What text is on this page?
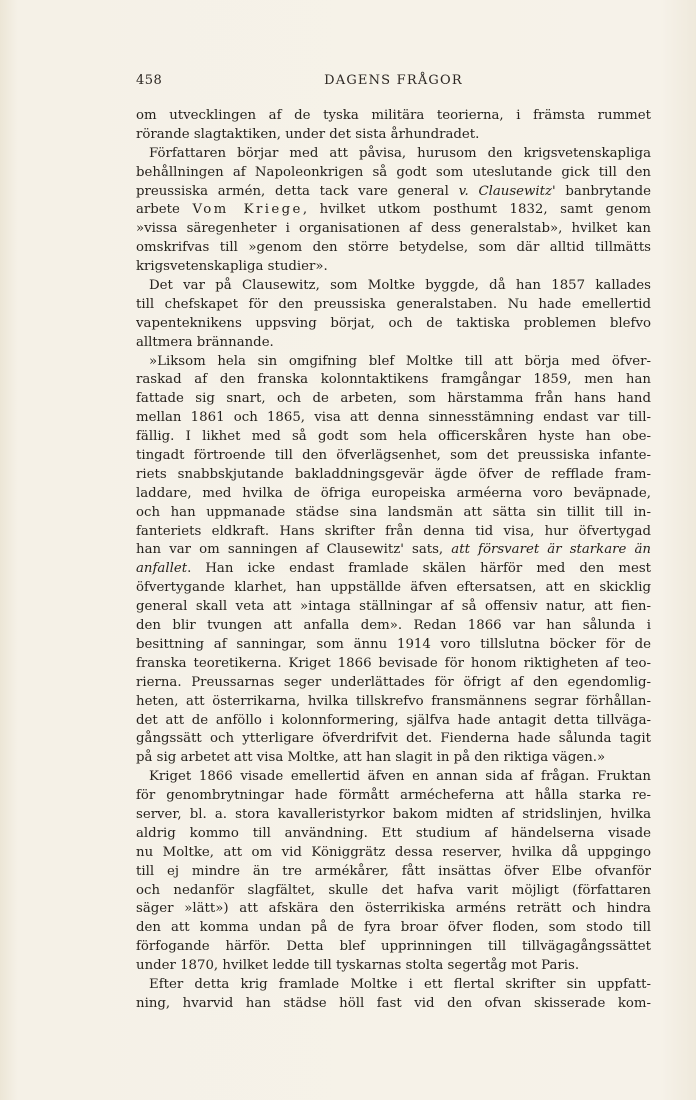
458	DAGENS FRÅGOR
om utvecklingen af de tyska militära teorierna, i främsta rummet
rörande slagtaktiken, under det sista århundradet.
Författaren börjar med att påvisa, hurusom den krigsvetenskapliga
behållningen af Napoleonkrigen så godt som uteslutande gick till den
preussiska armén, detta tack vare general v. Clausewitz' banbrytande
arbete Vom Kriege, hvilket utkom posthumt 1832, samt genom
»vissa säregenheter i organisationen af dess generalstab», hvilket kan
omskrifvas till »genom den större betydelse, som där alltid tillmätts
krigsvetenskapliga studier».
Det var på Clausewitz, som Moltke byggde, då han 1857 kallades
till chefskapet för den preussiska generalstaben. Nu hade emellertid
vapenteknikens uppsving börjat, och de taktiska problemen blefvo
alltmera brännande.
»Liksom hela sin omgifning blef Moltke till att börja med öfver-
raskad af den franska kolonntaktikens framgångar 1859, men han
fattade sig snart, och de arbeten, som härstamma från hans hand
mellan 1861 och 1865, visa att denna sinnesstämning endast var till-
fällig. I likhet med så godt som hela officerskåren hyste han obe-
tingadt förtroende till den öfverlägsenhet, som det preussiska infante-
riets snabbskjutande bakladdningsgevär ägde öfver de refflade fram-
laddare, med hvilka de öfriga europeiska arméerna voro beväpnade,
och han uppmanade städse sina landsmän att sätta sin tillit till in-
fanteriets eldkraft. Hans skrifter från denna tid visa, hur öfvertygad
han var om sanningen af Clausewitz' sats, att försvaret är starkare än
anfallet. Han icke endast framlade skälen härför med den mest
öfvertygande klarhet, han uppställde äfven eftersatsen, att en skicklig
general skall veta att »intaga ställningar af så offensiv natur, att fien-
den blir tvungen att anfalla dem». Redan 1866 var han sålunda i
besittning af sanningar, som ännu 1914 voro tillslutna böcker för de
franska teoretikerna. Kriget 1866 bevisade för honom riktigheten af teo-
rierna. Preussarnas seger underlättades för öfrigt af den egendomlig-
heten, att österrikarna, hvilka tillskrefvo fransmännens segrar förhållan-
det att de anföllo i kolonnformering, själfva hade antagit detta tillväga-
gångssätt och ytterligare öfverdrifvit det. Fienderna hade sålunda tagit
på sig arbetet att visa Moltke, att han slagit in på den riktiga vägen.»
Kriget 1866 visade emellertid äfven en annan sida af frågan. Fruktan
för genombrytningar hade förmått armécheferna att hålla starka re-
server, bl. a. stora kavalleristyrkor bakom midten af stridslinjen, hvilka
aldrig kommo till användning. Ett studium af händelserna visade
nu Moltke, att om vid Königgrätz dessa reserver, hvilka då uppgingo
till ej mindre än tre armékårer, fått insättas öfver Elbe ofvanför
och nedanför slagfältet, skulle det hafva varit möjligt (författaren
säger »lätt») att afskära den österrikiska arméns reträtt och hindra
den att komma undan på de fyra broar öfver floden, som stodo till
förfogande härför. Detta blef upprinningen till tillvägagångssättet
under 1870, hvilket ledde till tyskarnas stolta segertåg mot Paris.
Efter detta krig framlade Moltke i ett flertal skrifter sin uppfatt-
ning, hvarvid han städse höll fast vid den ofvan skisserade kom-
